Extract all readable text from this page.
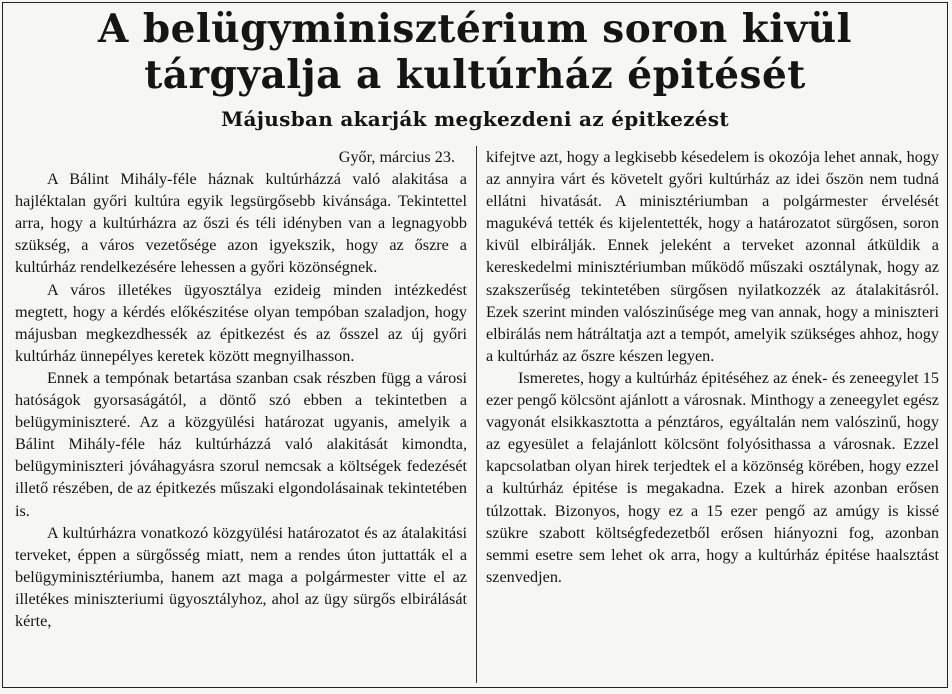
A belügyminisztérium soron kivül
tárgyalja a kultúrház épitését
Májusban akarják megkezdeni az épitkezést

Győr, március 23.

A Bálint Mihály-féle háznak kultúrházzá való alakitása a hajléktalan győri kultúra egyik legsürgősebb kivánsága. Tekintettel arra, hogy a kultúrházra az őszi és téli idényben van a legnagyobb szükség, a város vezetősége azon igyekszik, hogy az őszre a kultúrház rendelkezésére lehessen a győri közönségnek.

A város illetékes ügyosztálya ezideig minden intézkedést megtett, hogy a kérdés előkészitése olyan tempóban szaladjon, hogy májusban megkezdhessék az épitkezést és az ősszel az új győri kultúrház ünnepélyes keretek között megnyilhasson.

Ennek a tempónak betartása szanban csak részben függ a városi hatóságok gyorsaságától, a döntő szó ebben a tekintetben a belügyminiszteré. Az a közgyülési határozat ugyanis, amelyik a Bálint Mihály-féle ház kultúrházzá való alakitását kimondta, belügyminiszteri jóváhagyásra szorul nemcsak a költségek fedezését illető részében, de az épitkezés műszaki elgondolásainak tekintetében is.

A kultúrházra vonatkozó közgyülési határozatot és az átalakitási terveket, éppen a sürgősség miatt, nem a rendes úton juttatták el a belügyminisztériumba, hanem azt maga a polgármester vitte el az illetékes miniszteriumi ügyosztályhoz, ahol az ügy sürgős elbirálását kérte,

kifejtve azt, hogy a legkisebb késedelem is okozója lehet annak, hogy az annyira várt és követelt győri kultúrház az idei őszön nem tudná ellátni hivatását. A minisztériumban a polgármester érvelését magukévá tették és kijelentették, hogy a határozatot sürgősen, soron kivül elbirálják. Ennek jeleként a terveket azonnal átküldik a kereskedelmi minisztériumban működő műszaki osztálynak, hogy az szakszerűség tekintetében sürgősen nyilatkozzék az átalakitásról. Ezek szerint minden valószinűsége meg van annak, hogy a miniszteri elbirálás nem hátráltatja azt a tempót, amelyik szükséges ahhoz, hogy a kultúrház az őszre készen legyen.

Ismeretes, hogy a kultúrház épitéséhez az ének- és zeneegylet 15 ezer pengő kölcsönt ajánlott a városnak. Minthogy a zeneegylet egész vagyonát elsikkasztotta a pénztáros, egyáltalán nem valószinű, hogy az egyesület a felajánlott kölcsönt folyósithassa a városnak. Ezzel kapcsolatban olyan hirek terjedtek el a közönség körében, hogy ezzel a kultúrház épitése is megakadna. Ezek a hirek azonban erősen túlzottak. Bizonyos, hogy ez a 15 ezer pengő az amúgy is kissé szükre szabott költségfedezetből erősen hiányozni fog, azonban semmi esetre sem lehet ok arra, hogy a kultúrház épitése haalsztást szenvedjen.
